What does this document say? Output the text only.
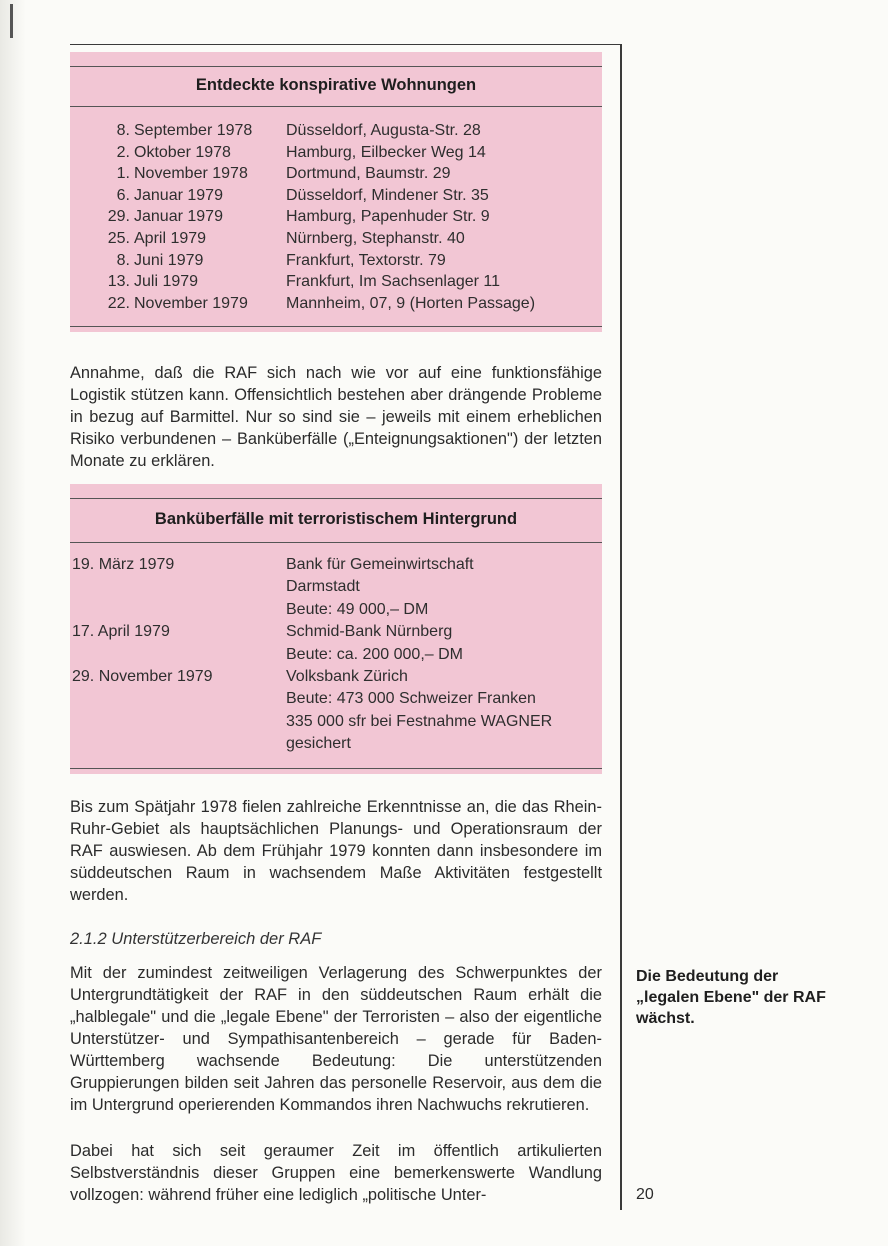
Entdeckte konspirative Wohnungen
8. September 1978 Düsseldorf, Augusta-Str. 28
2. Oktober 1978	Hamburg, Eilbecker Weg 14
1. November 1978 Dortmund, Baumstr. 29
6. Januar 1979	Düsseldorf, Mindener Str. 35
29. Januar 1979	Hamburg, Papenhuder Str. 9
25. April 1979	Nürnberg, Stephanstr. 40
8. Juni 1979	Frankfurt, Textorstr. 79
13. Juli 1979	Frankfurt, Im Sachsenlager 11
22. November 1979 Mannheim, 07, 9 (Horten Passage)
Annahme, daß die RAF sich nach wie vor auf eine funktionsfähige Logistik stützen kann. Offensichtlich bestehen aber drängende Probleme in bezug auf Barmittel. Nur so sind sie – jeweils mit einem erheblichen Risiko verbundenen – Banküberfälle („Enteignungsaktionen") der letzten Monate zu erklären.
Banküberfälle mit terroristischem Hintergrund
19. März 1979	Bank für Gemeinwirtschaft
Darmstadt
Beute: 49 000,– DM
17. April 1979	Schmid-Bank Nürnberg
Beute: ca. 200 000,– DM
29. November 1979	Volksbank Zürich
Beute: 473 000 Schweizer Franken
335 000 sfr bei Festnahme WAGNER
gesichert
Bis zum Spätjahr 1978 fielen zahlreiche Erkenntnisse an, die das Rhein-Ruhr-Gebiet als hauptsächlichen Planungs- und Operationsraum der RAF auswiesen. Ab dem Frühjahr 1979 konnten dann insbesondere im süddeutschen Raum in wachsendem Maße Aktivitäten festgestellt werden.
2.1.2 Unterstützerbereich der RAF
Mit der zumindest zeitweiligen Verlagerung des Schwerpunktes der Untergrundtätigkeit der RAF in den süddeutschen Raum erhält die „halblegale" und die „legale Ebene" der Terroristen – also der eigentliche Unterstützer- und Sympathisantenbereich – gerade für Baden-Württemberg wachsende Bedeutung: Die unterstützenden Gruppierungen bilden seit Jahren das personelle Reservoir, aus dem die im Untergrund operierenden Kommandos ihren Nachwuchs rekrutieren.
Dabei hat sich seit geraumer Zeit im öffentlich artikulierten Selbstverständnis dieser Gruppen eine bemerkenswerte Wandlung vollzogen: während früher eine lediglich „politische Unter-
Die Bedeutung der „legalen Ebene" der RAF wächst.
20
